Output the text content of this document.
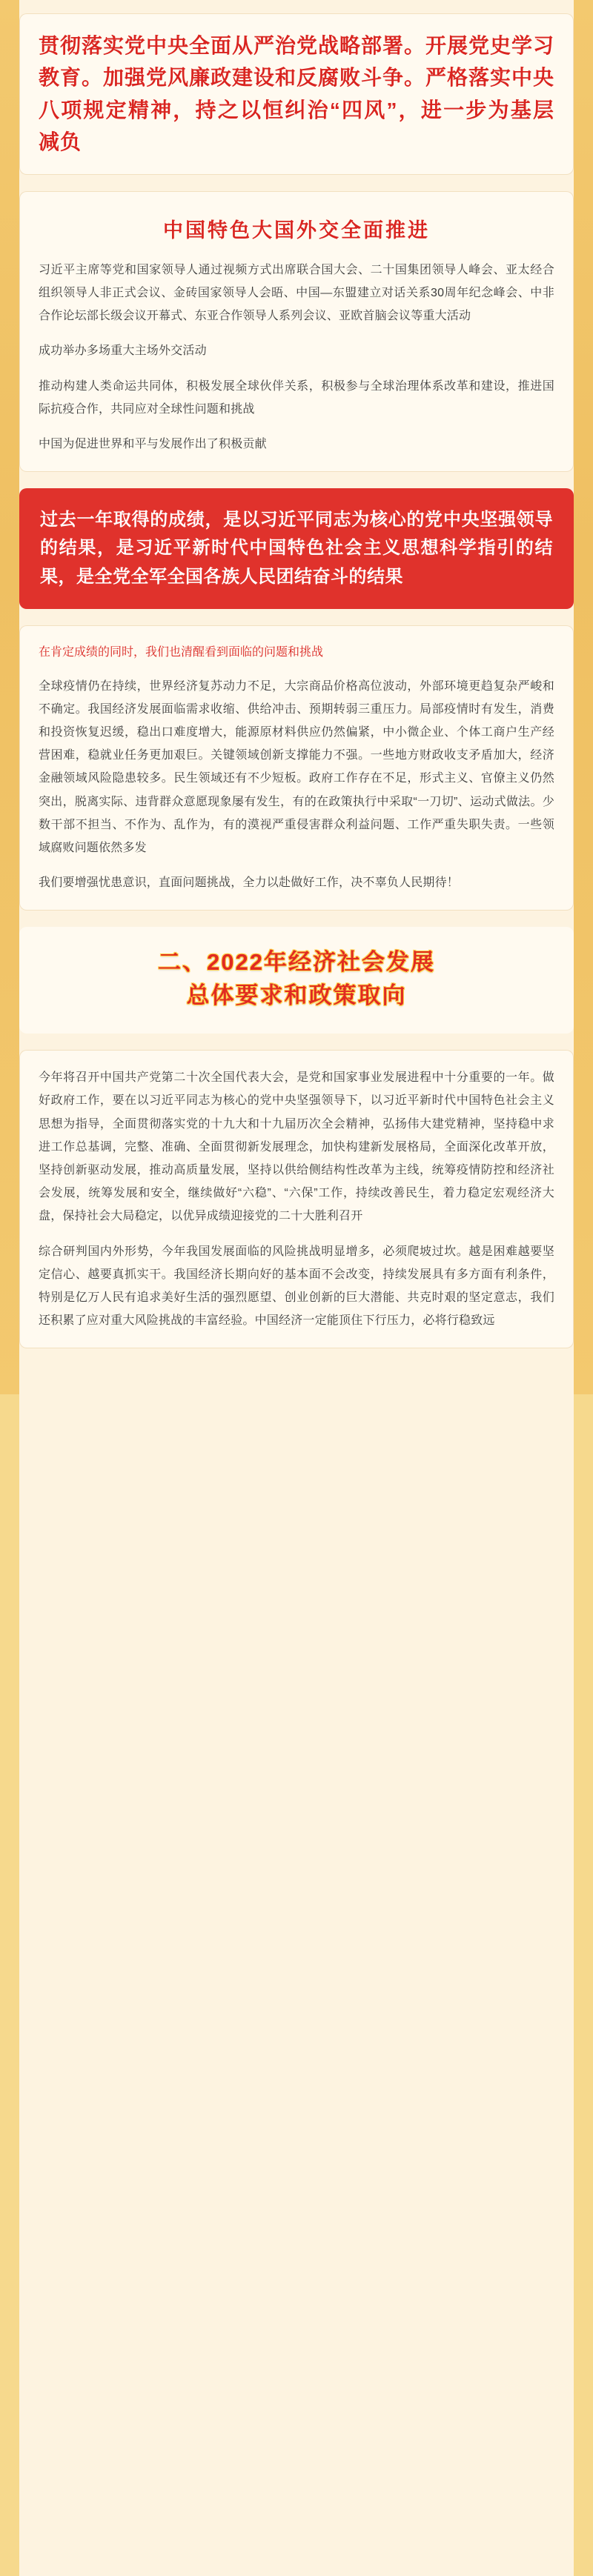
贯彻落实党中央全面从严治党战略部署。开展党史学习教育。加强党风廉政建设和反腐败斗争。严格落实中央八项规定精神，持之以恒纠治“四风”，进一步为基层减负
中国特色大国外交全面推进

习近平主席等党和国家领导人通过视频方式出席联合国大会、二十国集团领导人峰会、亚太经合组织领导人非正式会议、金砖国家领导人会晤、中国—东盟建立对话关系30周年纪念峰会、中非合作论坛部长级会议开幕式、东亚合作领导人系列会议、亚欧首脑会议等重大活动

成功举办多场重大主场外交活动

推动构建人类命运共同体，积极发展全球伙伴关系，积极参与全球治理体系改革和建设，推进国际抗疫合作，共同应对全球性问题和挑战

中国为促进世界和平与发展作出了积极贡献

过去一年取得的成绩，是以习近平同志为核心的党中央坚强领导的结果，是习近平新时代中国特色社会主义思想科学指引的结果，是全党全军全国各族人民团结奋斗的结果

在肯定成绩的同时，我们也清醒看到面临的问题和挑战

全球疫情仍在持续，世界经济复苏动力不足，大宗商品价格高位波动，外部环境更趋复杂严峻和不确定。我国经济发展面临需求收缩、供给冲击、预期转弱三重压力。局部疫情时有发生，消费和投资恢复迟缓，稳出口难度增大，能源原材料供应仍然偏紧，中小微企业、个体工商户生产经营困难，稳就业任务更加艰巨。关键领域创新支撑能力不强。一些地方财政收支矛盾加大，经济金融领域风险隐患较多。民生领域还有不少短板。政府工作存在不足，形式主义、官僚主义仍然突出，脱离实际、违背群众意愿现象屡有发生，有的在政策执行中采取“一刀切”、运动式做法。少数干部不担当、不作为、乱作为，有的漠视严重侵害群众利益问题、工作严重失职失责。一些领域腐败问题依然多发

我们要增强忧患意识，直面问题挑战，全力以赴做好工作，决不辜负人民期待！

二、2022年经济社会发展
总体要求和政策取向

今年将召开中国共产党第二十次全国代表大会，是党和国家事业发展进程中十分重要的一年。做好政府工作，要在以习近平同志为核心的党中央坚强领导下，以习近平新时代中国特色社会主义思想为指导，全面贯彻落实党的十九大和十九届历次全会精神，弘扬伟大建党精神，坚持稳中求进工作总基调，完整、准确、全面贯彻新发展理念，加快构建新发展格局，全面深化改革开放，坚持创新驱动发展，推动高质量发展，坚持以供给侧结构性改革为主线，统筹疫情防控和经济社会发展，统筹发展和安全，继续做好“六稳”、“六保”工作，持续改善民生，着力稳定宏观经济大盘，保持社会大局稳定，以优异成绩迎接党的二十大胜利召开

综合研判国内外形势，今年我国发展面临的风险挑战明显增多，必须爬坡过坎。越是困难越要坚定信心、越要真抓实干。我国经济长期向好的基本面不会改变，持续发展具有多方面有利条件，特别是亿万人民有追求美好生活的强烈愿望、创业创新的巨大潜能、共克时艰的坚定意志，我们还积累了应对重大风险挑战的丰富经验。中国经济一定能顶住下行压力，必将行稳致远
